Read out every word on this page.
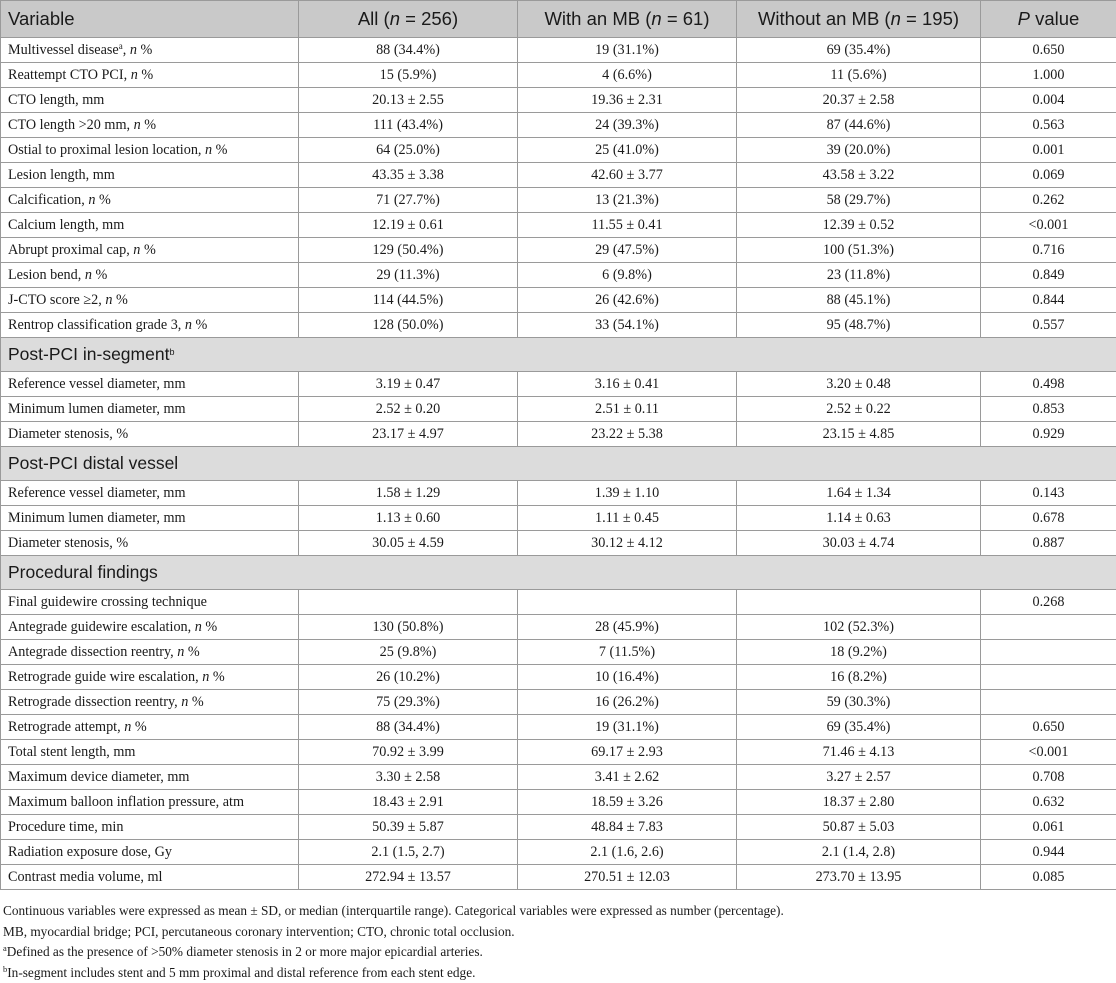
Variable	All (n = 256)	With an MB (n = 61)	Without an MB (n = 195)	P value
Multivessel disease$^a$, n %	88 (34.4%)	19 (31.1%)	69 (35.4%)	0.650
Reattempt CTO PCI, n %	15 (5.9%)	4 (6.6%)	11 (5.6%)	1.000
CTO length, mm	20.13 ± 2.55	19.36 ± 2.31	20.37 ± 2.58	0.004
CTO length >20 mm, n %	111 (43.4%)	24 (39.3%)	87 (44.6%)	0.563
Ostial to proximal lesion location, n %	64 (25.0%)	25 (41.0%)	39 (20.0%)	0.001
Lesion length, mm	43.35 ± 3.38	42.60 ± 3.77	43.58 ± 3.22	0.069
Calcification, n %	71 (27.7%)	13 (21.3%)	58 (29.7%)	0.262
Calcium length, mm	12.19 ± 0.61	11.55 ± 0.41	12.39 ± 0.52	<0.001
Abrupt proximal cap, n %	129 (50.4%)	29 (47.5%)	100 (51.3%)	0.716
Lesion bend, n %	29 (11.3%)	6 (9.8%)	23 (11.8%)	0.849
J-CTO score ≥2, n %	114 (44.5%)	26 (42.6%)	88 (45.1%)	0.844
Rentrop classification grade 3, n %	128 (50.0%)	33 (54.1%)	95 (48.7%)	0.557
Post-PCI in-segment$^b$
Reference vessel diameter, mm	3.19 ± 0.47	3.16 ± 0.41	3.20 ± 0.48	0.498
Minimum lumen diameter, mm	2.52 ± 0.20	2.51 ± 0.11	2.52 ± 0.22	0.853
Diameter stenosis, %	23.17 ± 4.97	23.22 ± 5.38	23.15 ± 4.85	0.929
Post-PCI distal vessel				
Reference vessel diameter, mm	1.58 ± 1.29	1.39 ± 1.10	1.64 ± 1.34	0.143
Minimum lumen diameter, mm	1.13 ± 0.60	1.11 ± 0.45	1.14 ± 0.63	0.678
Diameter stenosis, %	30.05 ± 4.59	30.12 ± 4.12	30.03 ± 4.74	0.887
Procedural findings				
Final guidewire crossing technique				0.268
Antegrade guidewire escalation, n %	130 (50.8%)	28 (45.9%)	102 (52.3%)	
Antegrade dissection reentry, n %	25 (9.8%)	7 (11.5%)	18 (9.2%)	
Retrograde guide wire escalation, n %	26 (10.2%)	10 (16.4%)	16 (8.2%)	
Retrograde dissection reentry, n %	75 (29.3%)	16 (26.2%)	59 (30.3%)	
Retrograde attempt, n %	88 (34.4%)	19 (31.1%)	69 (35.4%)	0.650
Total stent length, mm	70.92 ± 3.99	69.17 ± 2.93	71.46 ± 4.13	<0.001
Maximum device diameter, mm	3.30 ± 2.58	3.41 ± 2.62	3.27 ± 2.57	0.708
Maximum balloon inflation pressure, atm	18.43 ± 2.91	18.59 ± 3.26	18.37 ± 2.80	0.632
Procedure time, min	50.39 ± 5.87	48.84 ± 7.83	50.87 ± 5.03	0.061
Radiation exposure dose, Gy	2.1 (1.5, 2.7)	2.1 (1.6, 2.6)	2.1 (1.4, 2.8)	0.944
Contrast media volume, ml	272.94 ± 13.57	270.51 ± 12.03	273.70 ± 13.95	0.085
Continuous variables were expressed as mean ± SD, or median (interquartile range). Categorical variables were expressed as number (percentage).
MB, myocardial bridge; PCI, percutaneous coronary intervention; CTO, chronic total occlusion.
$^a$Defined as the presence of >50% diameter stenosis in 2 or more major epicardial arteries.
$^b$In-segment includes stent and 5 mm proximal and distal reference from each stent edge.
